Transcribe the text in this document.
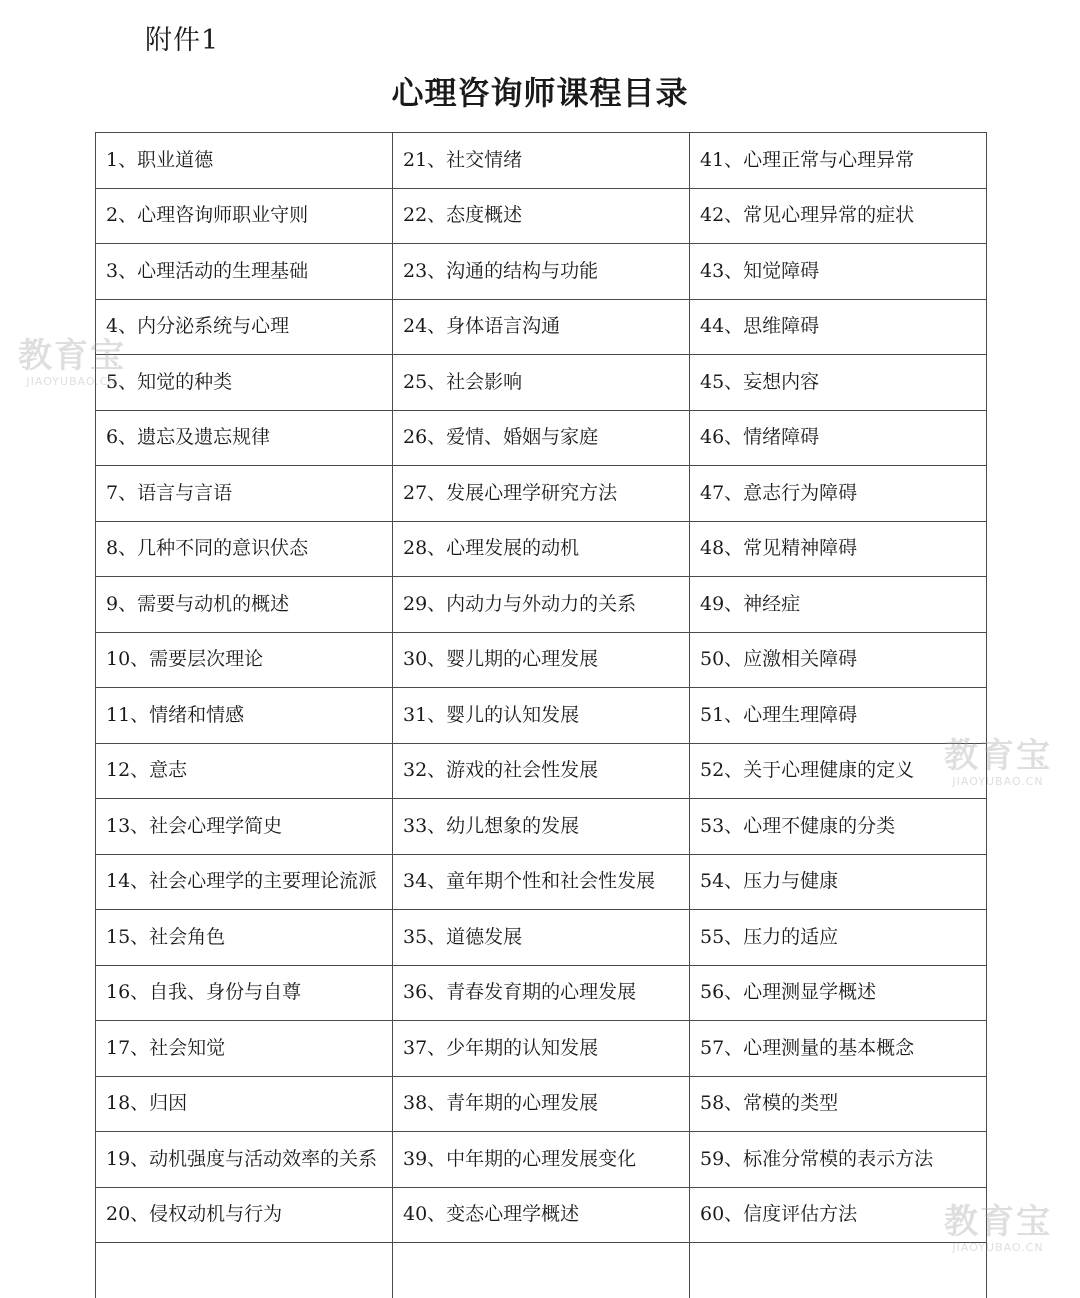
附件1
心理咨询师课程目录
1、职业道德	21、社交情绪	41、心理正常与心理异常
2、心理咨询师职业守则	22、态度概述	42、常见心理异常的症状
3、心理活动的生理基础	23、沟通的结构与功能	43、知觉障碍
4、内分泌系统与心理	24、身体语言沟通	44、思维障碍
5、知觉的种类	25、社会影响	45、妄想内容
6、遗忘及遗忘规律	26、爱情、婚姻与家庭	46、情绪障碍
7、语言与言语	27、发展心理学研究方法	47、意志行为障碍
8、几种不同的意识伏态	28、心理发展的动机	48、常见精神障碍
9、需要与动机的概述	29、内动力与外动力的关系	49、神经症
10、需要层次理论	30、婴儿期的心理发展	50、应激相关障碍
11、情绪和情感	31、婴儿的认知发展	51、心理生理障碍
12、意志	32、游戏的社会性发展	52、关于心理健康的定义
13、社会心理学简史	33、幼儿想象的发展	53、心理不健康的分类
14、社会心理学的主要理论流派	34、童年期个性和社会性发展	54、压力与健康
15、社会角色	35、道德发展	55、压力的适应
16、自我、身份与自尊	36、青春发育期的心理发展	56、心理测显学概述
17、社会知觉	37、少年期的认知发展	57、心理测量的基本概念
18、归因	38、青年期的心理发展	58、常模的类型
19、动机强度与活动效率的关系	39、中年期的心理发展变化	59、标准分常模的表示方法
20、侵权动机与行为	40、变态心理学概述	60、信度评估方法

教育宝
JIAOYUBAO.CN
教育宝
JIAOYUBAO.CN
教育宝
JIAOYUBAO.CN
